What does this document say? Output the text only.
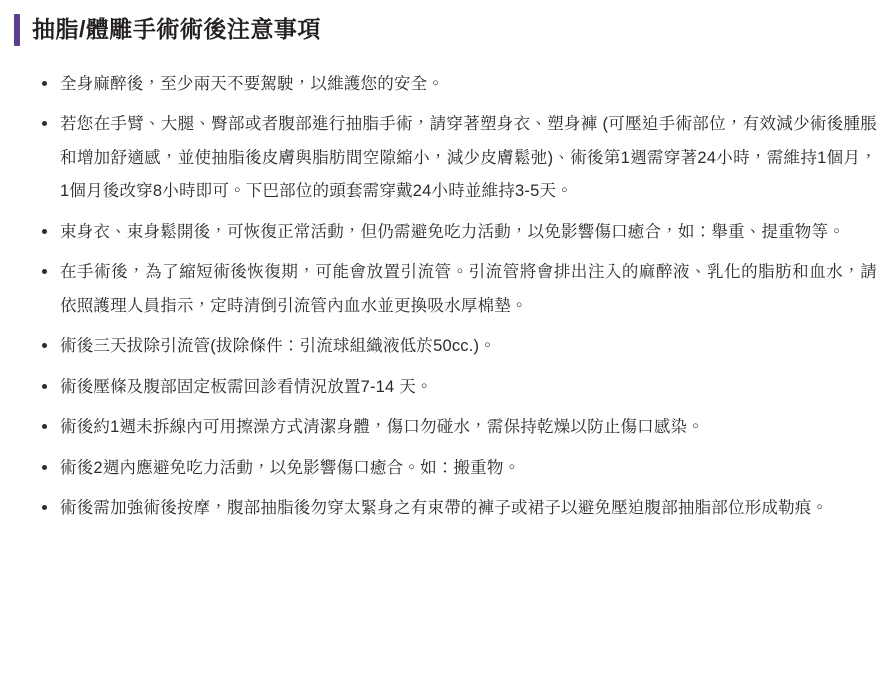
抽脂/體雕手術術後注意事項
全身麻醉後，至少兩天不要駕駛，以維護您的安全。
若您在手臂、大腿、臀部或者腹部進行抽脂手術，請穿著塑身衣、塑身褲 (可壓迫手術部位，有效減少術後腫脹和增加舒適感，並使抽脂後皮膚與脂肪間空隙縮小，減少皮膚鬆弛)、術後第1週需穿著24小時，需維持1個月，1個月後改穿8小時即可。下巴部位的頭套需穿戴24小時並維持3-5天。
束身衣、束身鬆開後，可恢復正常活動，但仍需避免吃力活動，以免影響傷口癒合，如：舉重、提重物等。
在手術後，為了縮短術後恢復期，可能會放置引流管。引流管將會排出注入的麻醉液、乳化的脂肪和血水，請依照護理人員指示，定時清倒引流管內血水並更換吸水厚棉墊。
術後三天拔除引流管(拔除條件：引流球組織液低於50cc.)。
術後壓條及腹部固定板需回診看情況放置7-14 天。
術後約1週未拆線內可用擦澡方式清潔身體，傷口勿碰水，需保持乾燥以防止傷口感染。
術後2週內應避免吃力活動，以免影響傷口癒合。如：搬重物。
術後需加強術後按摩，腹部抽脂後勿穿太緊身之有束帶的褲子或裙子以避免壓迫腹部抽脂部位形成勒痕。
